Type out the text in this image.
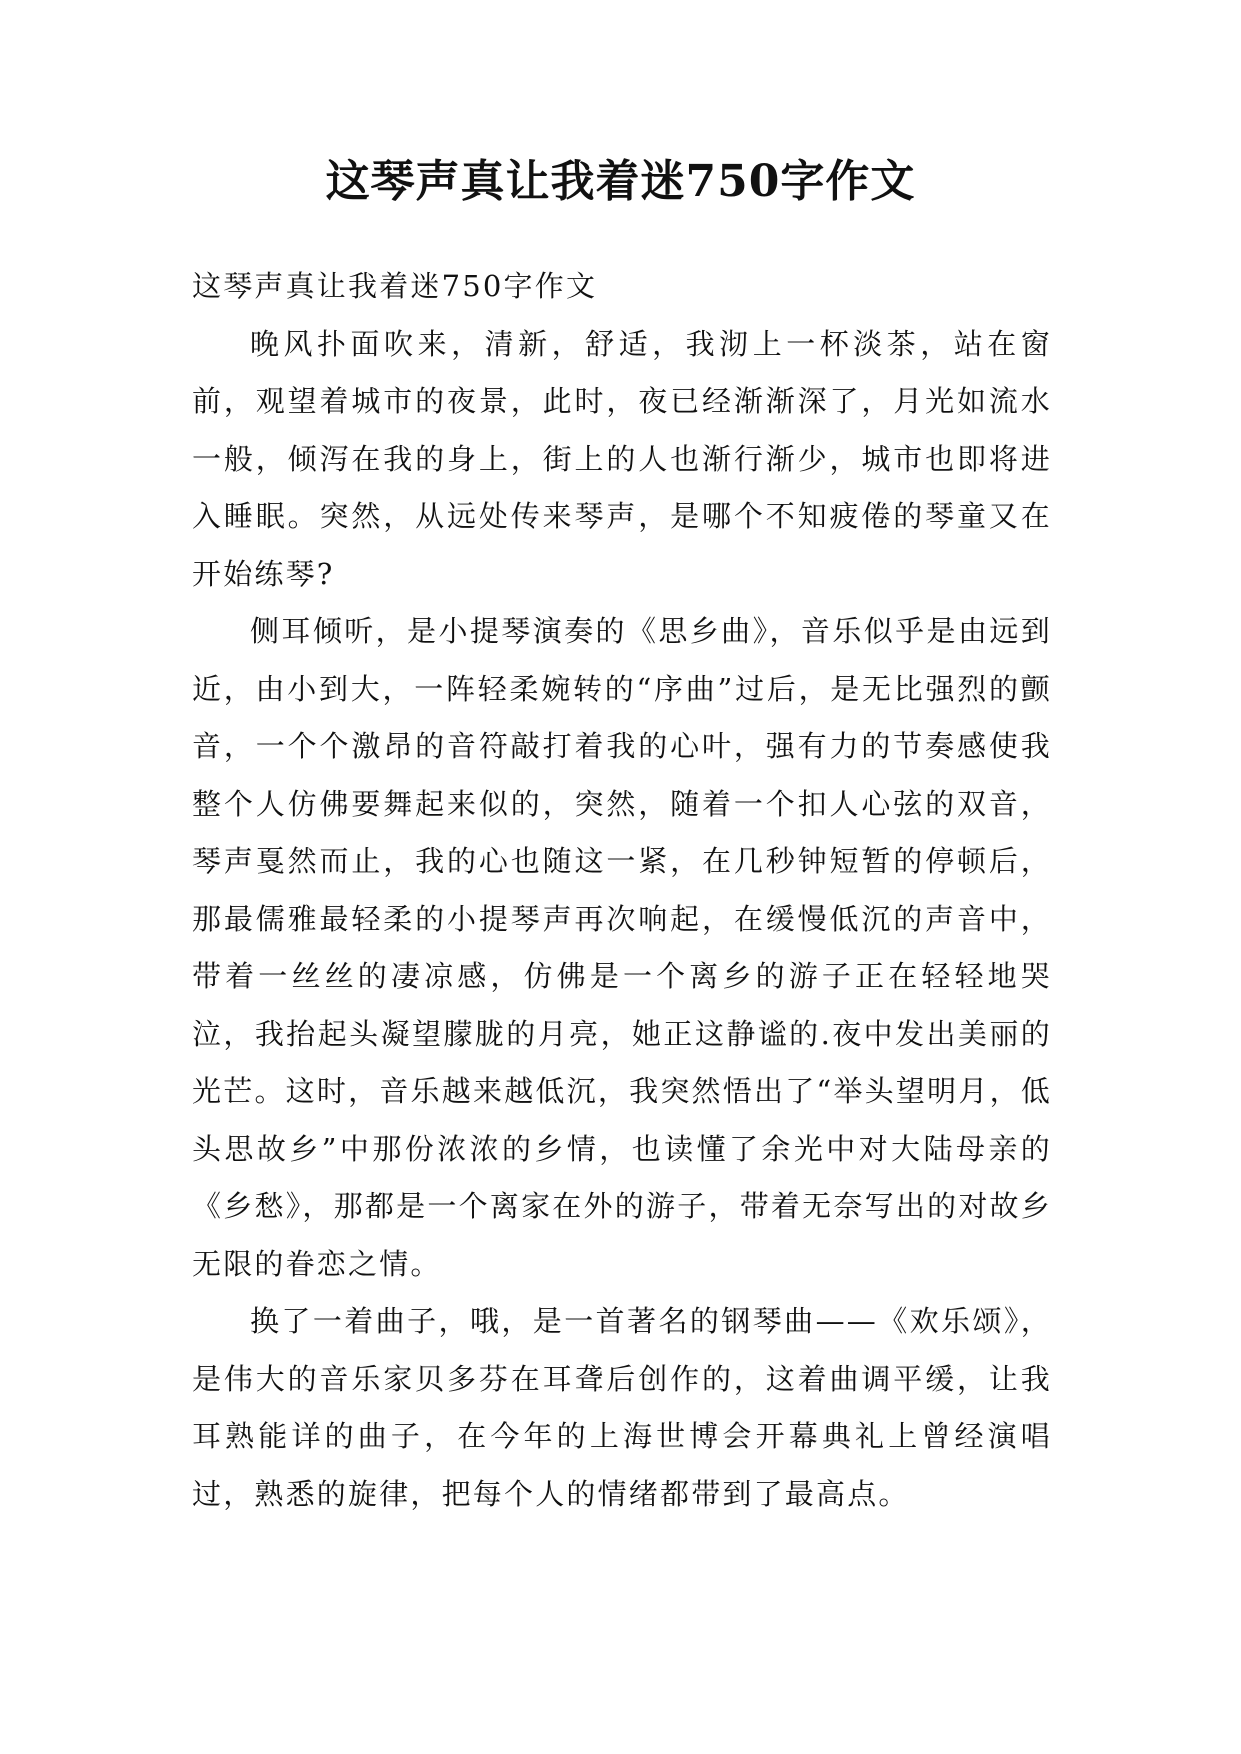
这琴声真让我着迷750字作文

这琴声真让我着迷750字作文

晚风扑面吹来，清新，舒适，我沏上一杯淡茶，站在窗前，观望着城市的夜景，此时，夜已经渐渐深了，月光如流水一般，倾泻在我的身上，街上的人也渐行渐少，城市也即将进入睡眠。突然，从远处传来琴声，是哪个不知疲倦的琴童又在开始练琴?

侧耳倾听，是小提琴演奏的《思乡曲》，音乐似乎是由远到近，由小到大，一阵轻柔婉转的“序曲”过后，是无比强烈的颤音，一个个激昂的音符敲打着我的心叶，强有力的节奏感使我整个人仿佛要舞起来似的，突然，随着一个扣人心弦的双音，琴声戛然而止，我的心也随这一紧，在几秒钟短暂的停顿后，那最儒雅最轻柔的小提琴声再次响起，在缓慢低沉的声音中，带着一丝丝的凄凉感，仿佛是一个离乡的游子正在轻轻地哭泣，我抬起头凝望朦胧的月亮，她正这静谧的.夜中发出美丽的光芒。这时，音乐越来越低沉，我突然悟出了“举头望明月，低头思故乡”中那份浓浓的乡情，也读懂了余光中对大陆母亲的《乡愁》，那都是一个离家在外的游子，带着无奈写出的对故乡无限的眷恋之情。

换了一着曲子，哦，是一首著名的钢琴曲——《欢乐颂》，是伟大的音乐家贝多芬在耳聋后创作的，这着曲调平缓，让我耳熟能详的曲子，在今年的上海世博会开幕典礼上曾经演唱过，熟悉的旋律，把每个人的情绪都带到了最高点。
